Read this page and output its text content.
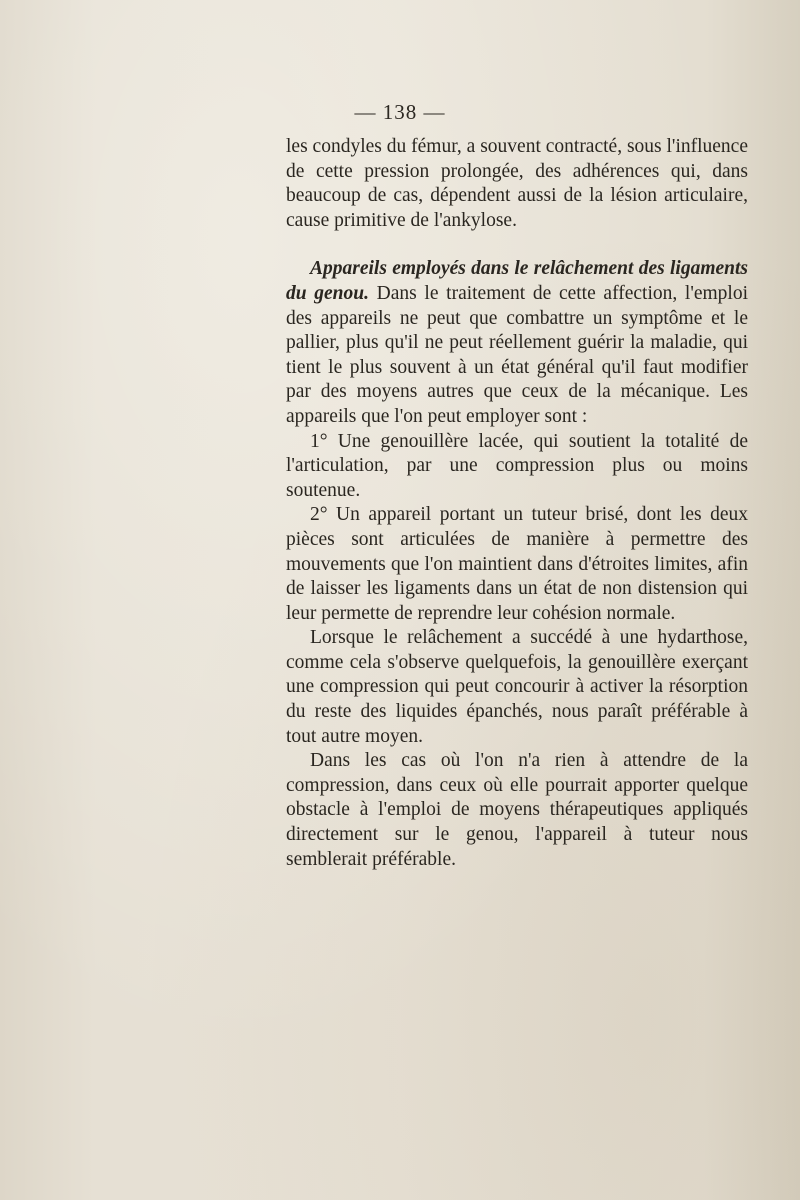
— 138 —

les condyles du fémur, a souvent contracté, sous l'influence de cette pression prolongée, des adhérences qui, dans beaucoup de cas, dépendent aussi de la lésion articulaire, cause primitive de l'ankylose.

Appareils employés dans le relâchement des ligaments du genou. Dans le traitement de cette affection, l'emploi des appareils ne peut que combattre un symptôme et le pallier, plus qu'il ne peut réellement guérir la maladie, qui tient le plus souvent à un état général qu'il faut modifier par des moyens autres que ceux de la mécanique. Les appareils que l'on peut employer sont :

1° Une genouillère lacée, qui soutient la totalité de l'articulation, par une compression plus ou moins soutenue.

2° Un appareil portant un tuteur brisé, dont les deux pièces sont articulées de manière à permettre des mouvements que l'on maintient dans d'étroites limites, afin de laisser les ligaments dans un état de non distension qui leur permette de reprendre leur cohésion normale.

Lorsque le relâchement a succédé à une hydarthose, comme cela s'observe quelquefois, la genouillère exerçant une compression qui peut concourir à activer la résorption du reste des liquides épanchés, nous paraît préférable à tout autre moyen.

Dans les cas où l'on n'a rien à attendre de la compression, dans ceux où elle pourrait apporter quelque obstacle à l'emploi de moyens thérapeutiques appliqués directement sur le genou, l'appareil à tuteur nous semblerait préférable.
